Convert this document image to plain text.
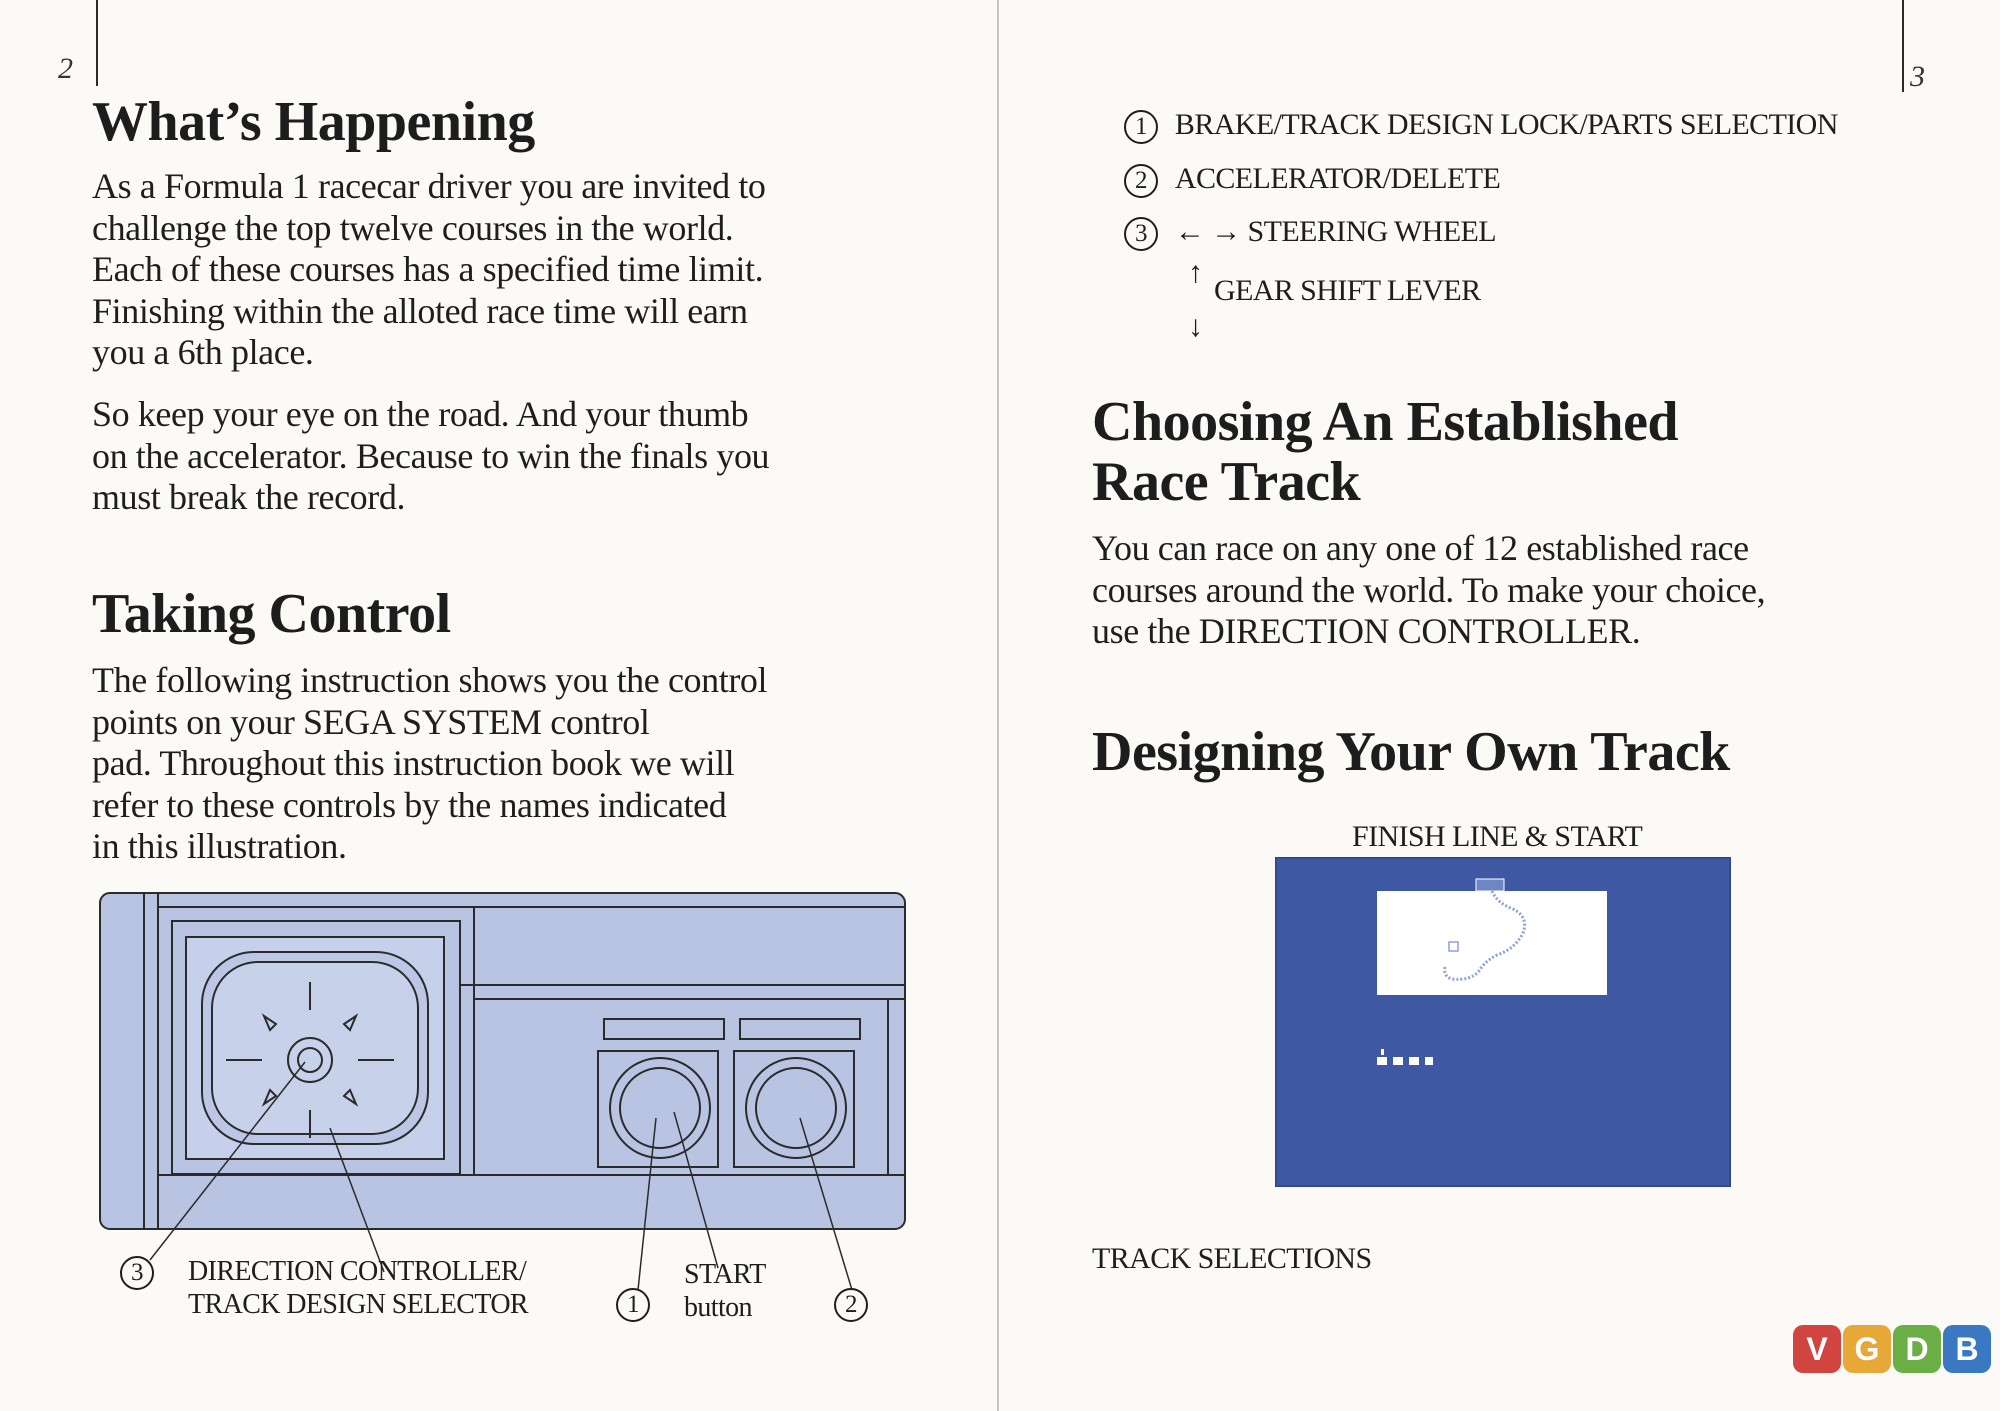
2
What’s Happening
As a Formula 1 racecar driver you are invited to
challenge the top twelve courses in the world.
Each of these courses has a specified time limit.
Finishing within the alloted race time will earn
you a 6th place.
So keep your eye on the road. And your thumb
on the accelerator. Because to win the finals you
must break the record.
Taking Control
The following instruction shows you the control
points on your SEGA SYSTEM control
pad. Throughout this instruction book we will
refer to these controls by the names indicated
in this illustration.
3	DIRECTION CONTROLLER/
TRACK DESIGN SELECTOR	1
START
button	2
3
1 BRAKE/TRACK DESIGN LOCK/PARTS SELECTION
2 ACCELERATOR/DELETE
3 ← → STEERING WHEEL
↑
GEAR SHIFT LEVER
↓
Choosing An Established
Race Track
You can race on any one of 12 established race
courses around the world. To make your choice,
use the DIRECTION CONTROLLER.
Designing Your Own Track
FINISH LINE & START
TRACK SELECTIONS
V G D B
